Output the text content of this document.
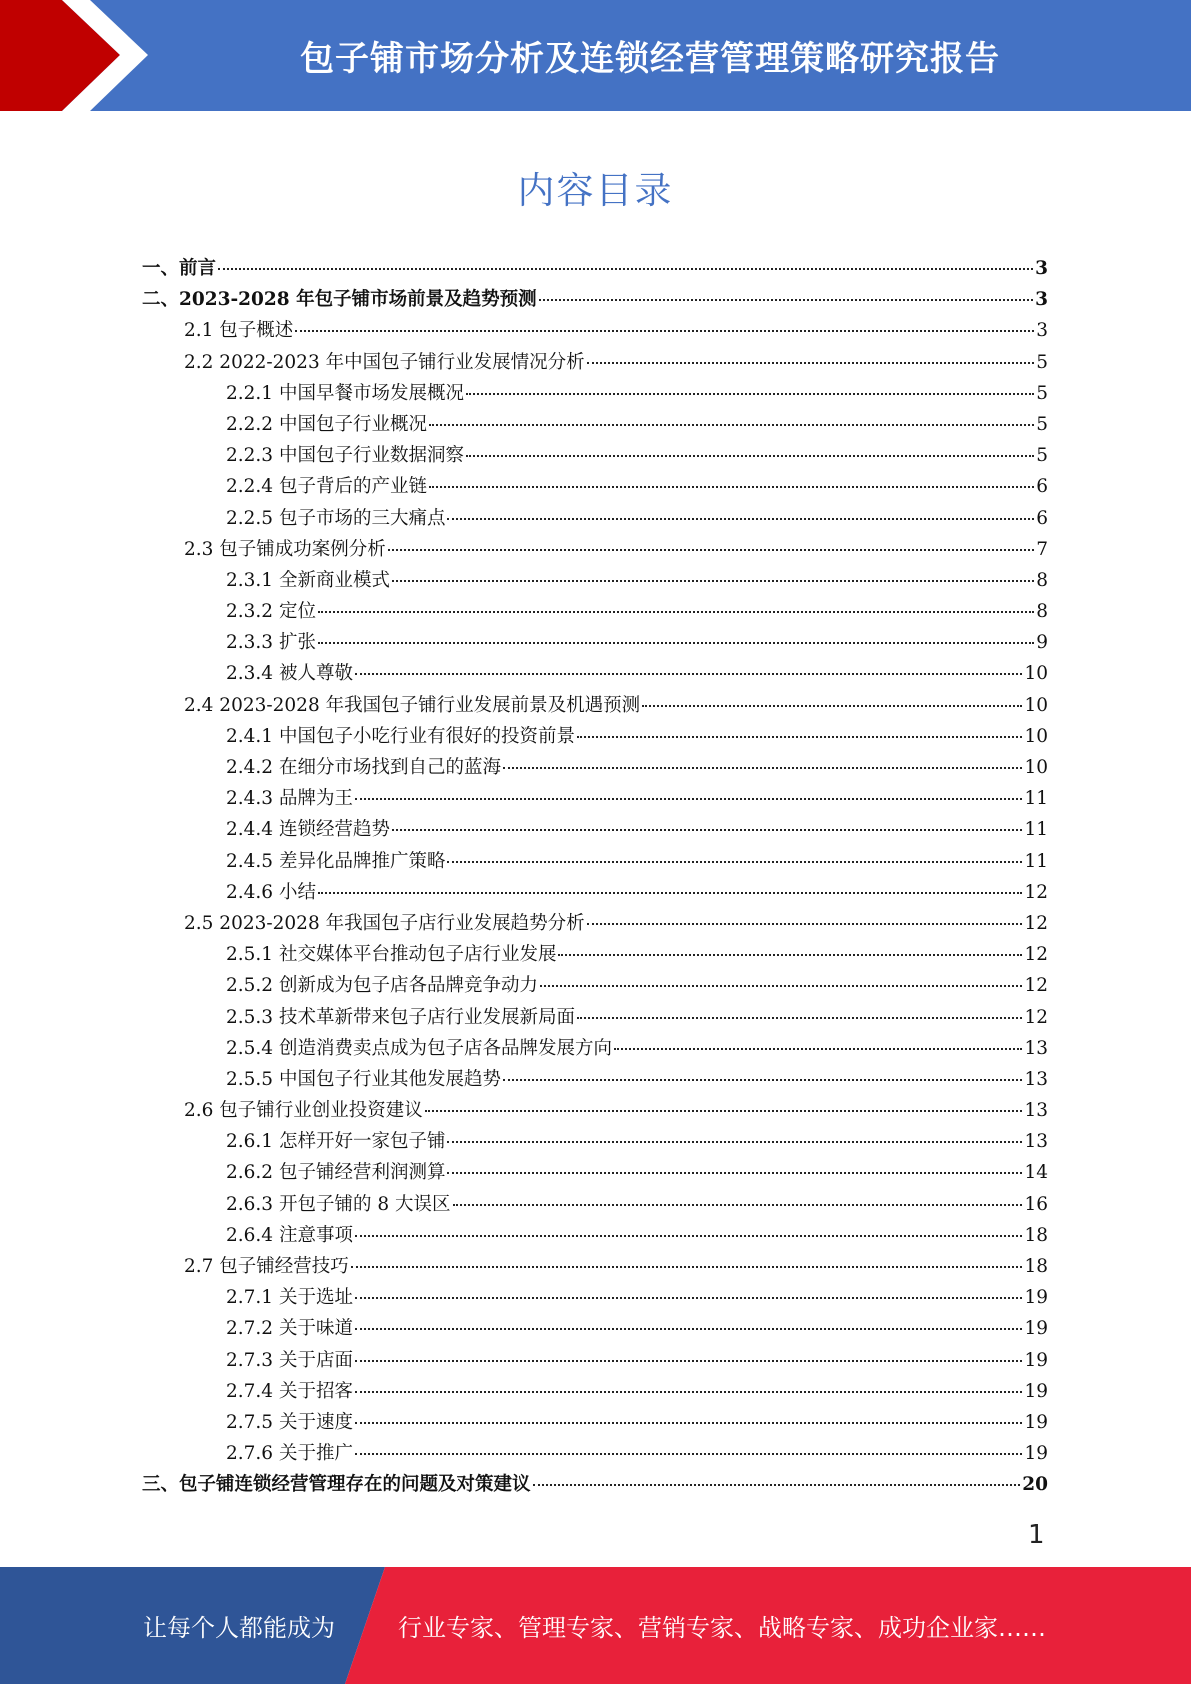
包子铺市场分析及连锁经营管理策略研究报告
内容目录
一、前言	3
二、2023-2028 年包子铺市场前景及趋势预测	3
2.1 包子概述	3
2.2 2022-2023 年中国包子铺行业发展情况分析	5
2.2.1 中国早餐市场发展概况	5
2.2.2 中国包子行业概况	5
2.2.3 中国包子行业数据洞察	5
2.2.4 包子背后的产业链	6
2.2.5 包子市场的三大痛点	6
2.3 包子铺成功案例分析	7
2.3.1 全新商业模式	8
2.3.2 定位	8
2.3.3 扩张	9
2.3.4 被人尊敬	10
2.4 2023-2028 年我国包子铺行业发展前景及机遇预测	10
2.4.1 中国包子小吃行业有很好的投资前景	10
2.4.2 在细分市场找到自己的蓝海	10
2.4.3 品牌为王	11
2.4.4 连锁经营趋势	11
2.4.5 差异化品牌推广策略	11
2.4.6 小结	12
2.5 2023-2028 年我国包子店行业发展趋势分析	12
2.5.1 社交媒体平台推动包子店行业发展	12
2.5.2 创新成为包子店各品牌竞争动力	12
2.5.3 技术革新带来包子店行业发展新局面	12
2.5.4 创造消费卖点成为包子店各品牌发展方向	13
2.5.5 中国包子行业其他发展趋势	13
2.6 包子铺行业创业投资建议	13
2.6.1 怎样开好一家包子铺	13
2.6.2 包子铺经营利润测算	14
2.6.3 开包子铺的 8 大误区	16
2.6.4 注意事项	18
2.7 包子铺经营技巧	18
2.7.1 关于选址	19
2.7.2 关于味道	19
2.7.3 关于店面	19
2.7.4 关于招客	19
2.7.5 关于速度	19
2.7.6 关于推广	19
三、包子铺连锁经营管理存在的问题及对策建议	20
1
让每个人都能成为	行业专家、管理专家、营销专家、战略专家、成功企业家……
